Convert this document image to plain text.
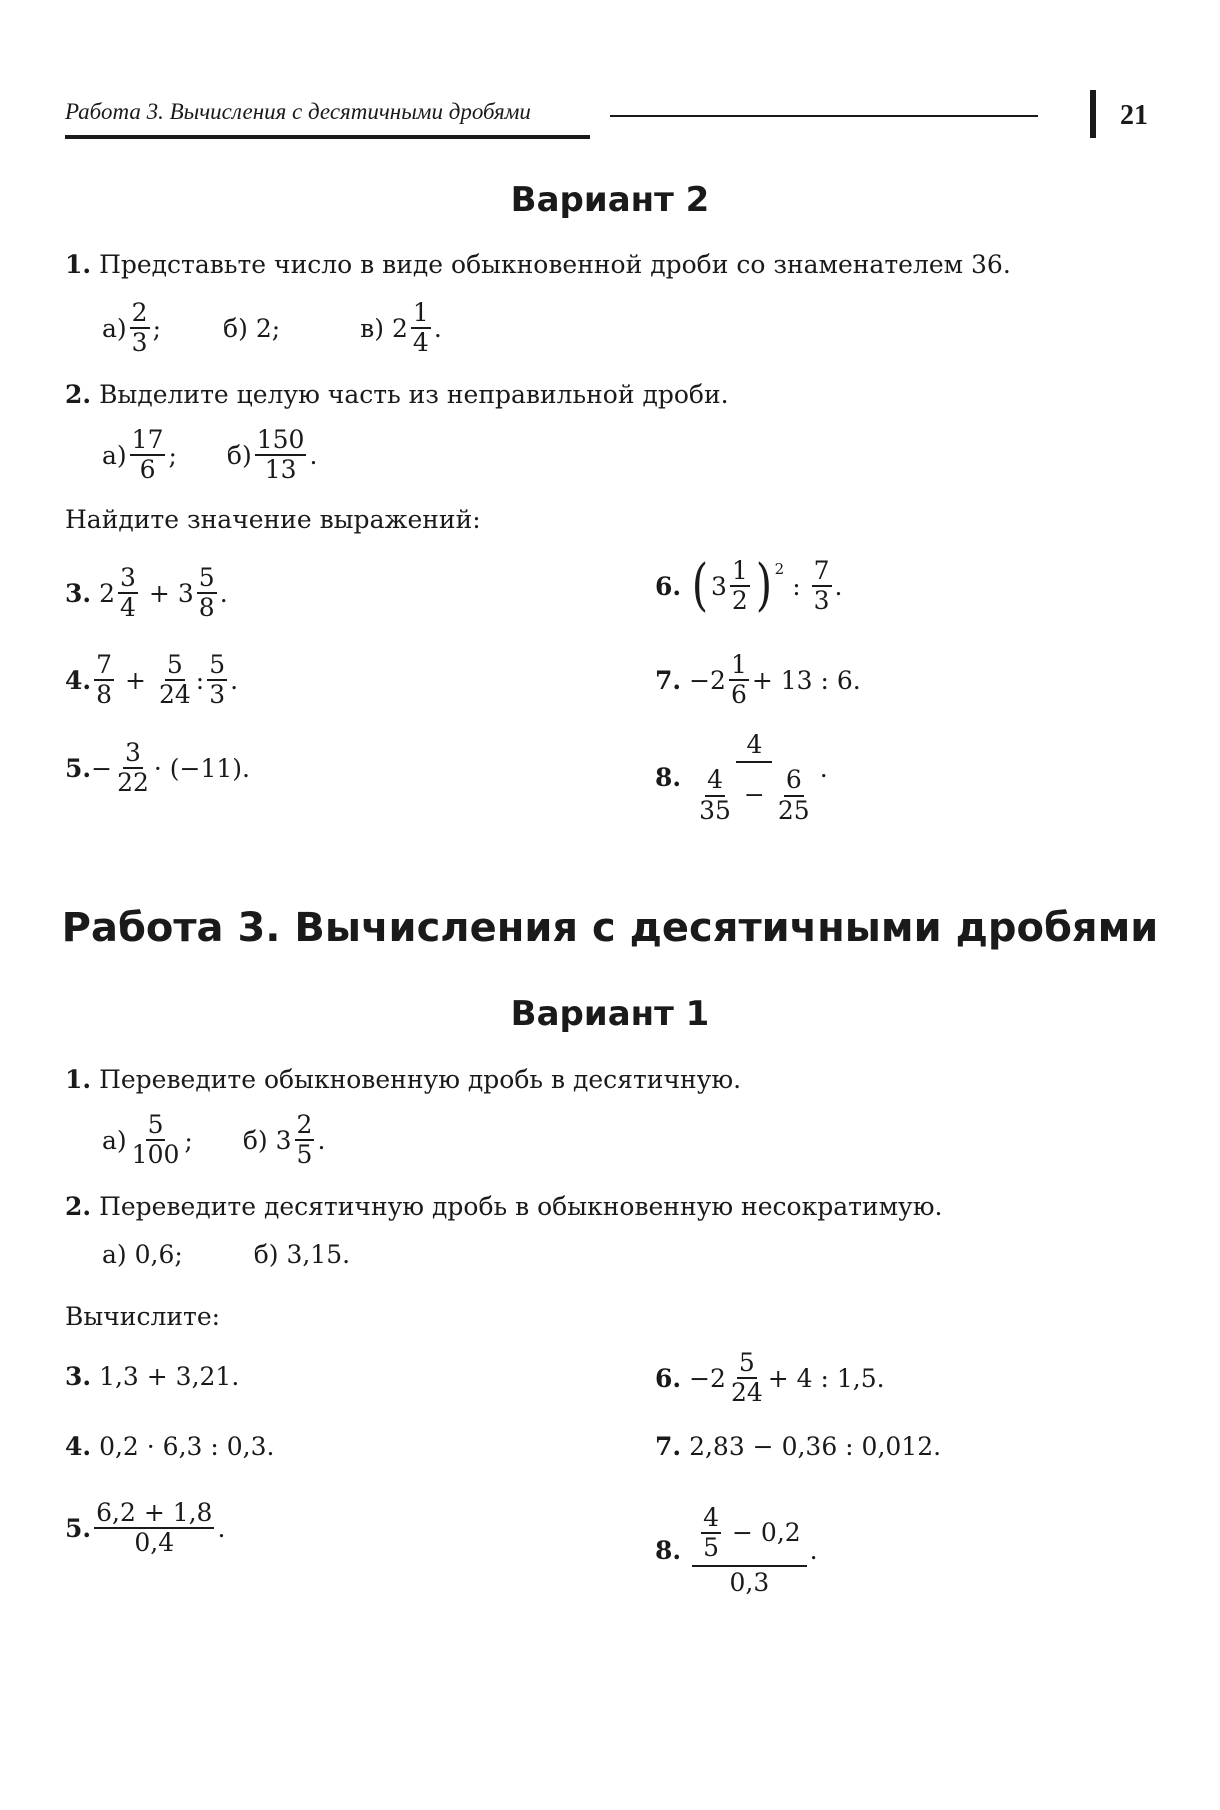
Работа 3. Вычисления с десятичными дробями	21
Вариант 2
1. Представьте число в виде обыкновенной дроби со знаменателем 36.
$а) \frac{2}{3}$ ; б) 2;	в) $2 \frac{1}{4}$ .
2. Выделите целую часть из неправильной дроби.
$а) \frac{17}{6}$ ; $б) \frac{150}{13}$ .
Найдите значение выражений:
3. $2 \frac{3}{4} + 3 \frac{5}{8}$ .
4. $\frac{7}{8} + \frac{5}{24}$ : $\frac{5}{3}$ .
5. − $\frac{3}{22} \cdot (-11)$.
6. ( $3 \frac{1}{2}$ ) 2
: $\frac{7}{3}$ .
7. $-2 \frac{1}{6} + 13$ : 6.
8. $\frac{4}{\frac{4}{35} - \frac{6}{25}}$ .
Работа 3. Вычисления с десятичными дробями
Вариант 1
1. Переведите обыкновенную дробь в десятичную.
$а) \frac{5}{100}$ ; б) $3 \frac{2}{5}$ .
2. Переведите десятичную дробь в обыкновенную несократимую.
а) 0,6;	б) 3,15.
Вычислите:
3. 1,3 + 3,21.
4. 0,2 · 6,3 : 0,3.
5. $\frac{6,2 + 1,8}{0,4}$ .
6. $-2 \frac{5}{24} + 4$ : 1,5.
7. 2,83 − 0,36 : 0,012.
8. $\frac{\frac{4}{5} - 0,2}{0,3}$ .
